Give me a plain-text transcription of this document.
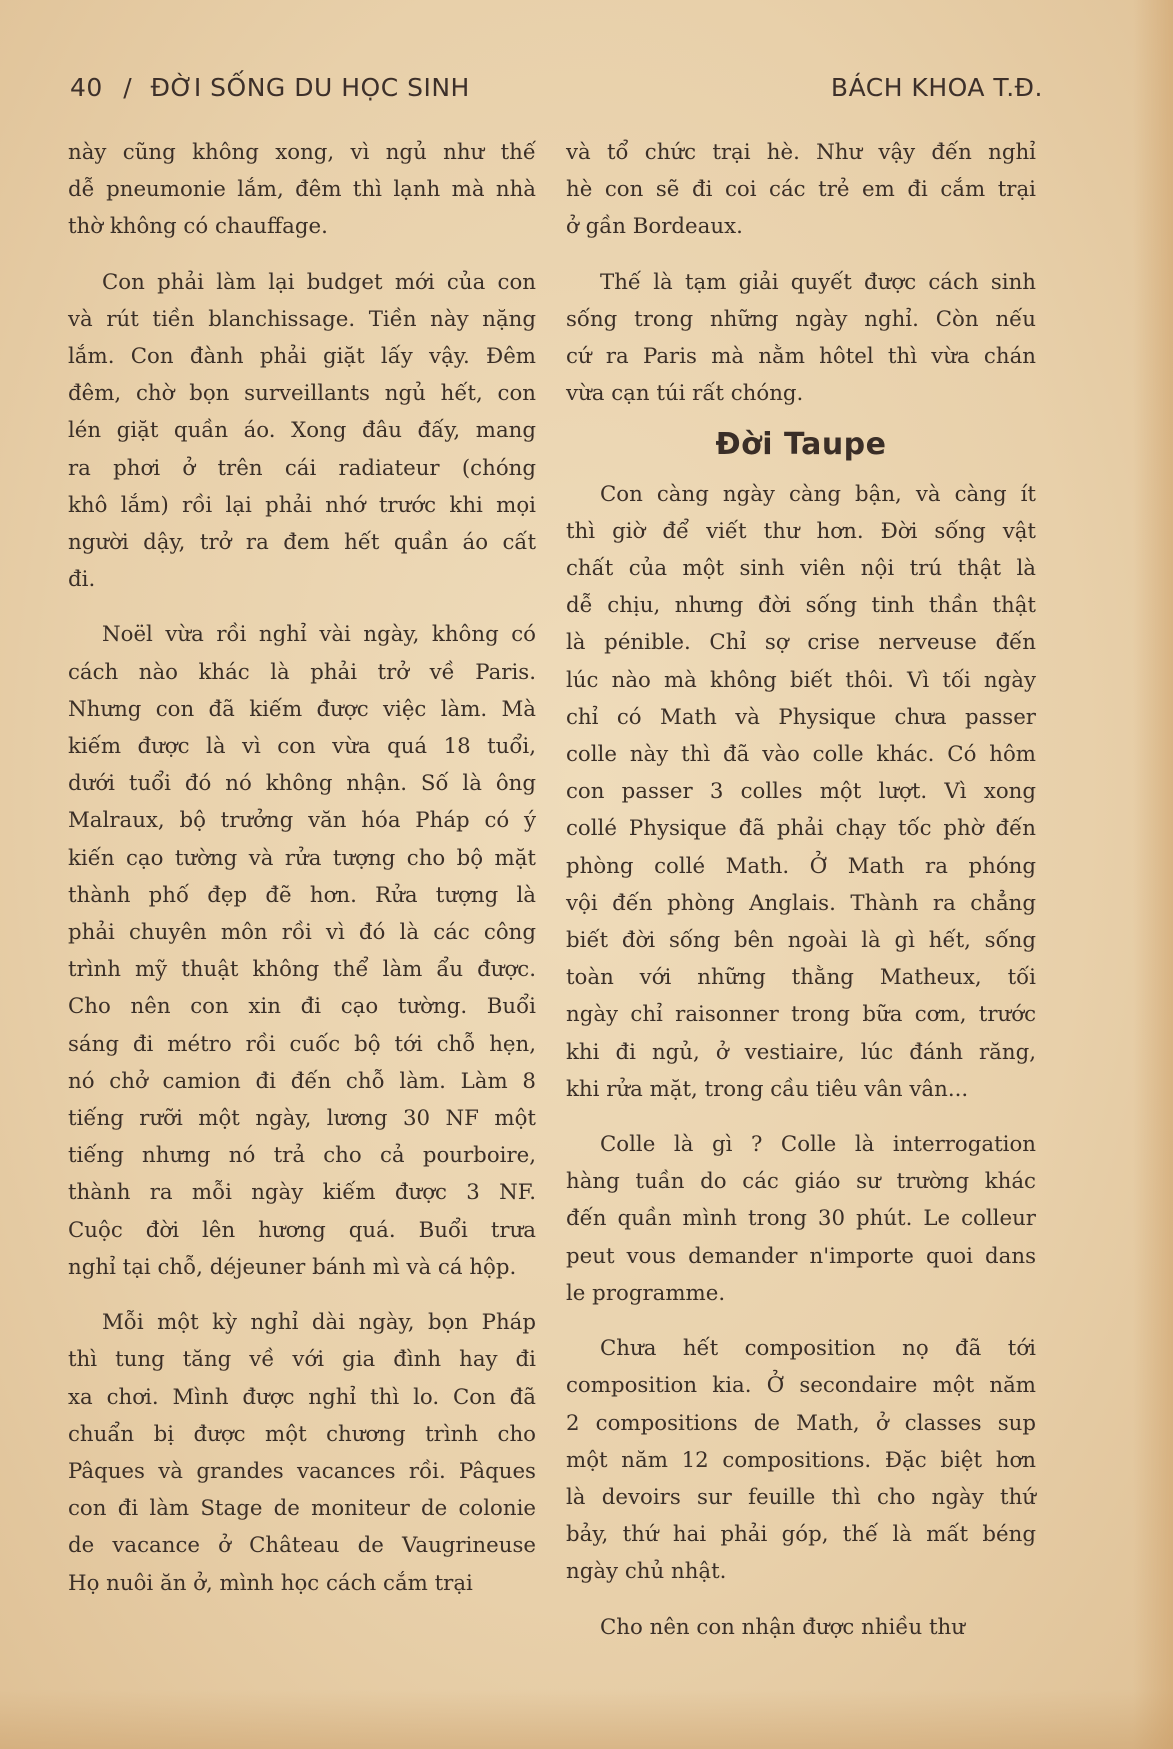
40 / ĐỜI SỐNG DU HỌC SINH	BÁCH KHOA T.Đ.

này cũng không xong, vì ngủ như thế
dễ pneumonie lắm, đêm thì lạnh mà nhà
thờ không có chauffage.

Con phải làm lại budget mới của con
và rút tiền blanchissage. Tiền này nặng
lắm. Con đành phải giặt lấy vậy. Đêm
đêm, chờ bọn surveillants ngủ hết, con
lén giặt quần áo. Xong đâu đấy, mang
ra phơi ở trên cái radiateur (chóng
khô lắm) rồi lại phải nhớ trước khi mọi
người dậy, trở ra đem hết quần áo cất
đi.

Noël vừa rồi nghỉ vài ngày, không có
cách nào khác là phải trở về Paris.
Nhưng con đã kiếm được việc làm. Mà
kiếm được là vì con vừa quá 18 tuổi,
dưới tuổi đó nó không nhận. Số là ông
Malraux, bộ trưởng văn hóa Pháp có ý
kiến cạo tường và rửa tượng cho bộ mặt
thành phố đẹp đẽ hơn. Rửa tượng là
phải chuyên môn rồi vì đó là các công
trình mỹ thuật không thể làm ẩu được.
Cho nên con xin đi cạo tường. Buổi
sáng đi métro rồi cuốc bộ tới chỗ hẹn,
nó chở camion đi đến chỗ làm. Làm 8
tiếng rưỡi một ngày, lương 30 NF một
tiếng nhưng nó trả cho cả pourboire,
thành ra mỗi ngày kiếm được 3 NF.
Cuộc đời lên hương quá. Buổi trưa
nghỉ tại chỗ, déjeuner bánh mì và cá hộp.

Mỗi một kỳ nghỉ dài ngày, bọn Pháp
thì tung tăng về với gia đình hay đi
xa chơi. Mình được nghỉ thì lo. Con đã
chuẩn bị được một chương trình cho
Pâques và grandes vacances rồi. Pâques
con đi làm Stage de moniteur de colonie
de vacance ở Château de Vaugrineuse
Họ nuôi ăn ở, mình học cách cắm trại

và tổ chức trại hè. Như vậy đến nghỉ
hè con sẽ đi coi các trẻ em đi cắm trại
ở gần Bordeaux.

Thế là tạm giải quyết được cách sinh
sống trong những ngày nghỉ. Còn nếu
cứ ra Paris mà nằm hôtel thì vừa chán
vừa cạn túi rất chóng.

Đời Taupe

Con càng ngày càng bận, và càng ít
thì giờ để viết thư hơn. Đời sống vật
chất của một sinh viên nội trú thật là
dễ chịu, nhưng đời sống tinh thần thật
là pénible. Chỉ sợ crise nerveuse đến
lúc nào mà không biết thôi. Vì tối ngày
chỉ có Math và Physique chưa passer
colle này thì đã vào colle khác. Có hôm
con passer 3 colles một lượt. Vì xong
collé Physique đã phải chạy tốc phờ đến
phòng collé Math. Ở Math ra phóng
vội đến phòng Anglais. Thành ra chẳng
biết đời sống bên ngoài là gì hết, sống
toàn với những thằng Matheux, tối
ngày chỉ raisonner trong bữa cơm, trước
khi đi ngủ, ở vestiaire, lúc đánh răng,
khi rửa mặt, trong cầu tiêu vân vân...

Colle là gì ? Colle là interrogation
hàng tuần do các giáo sư trường khác
đến quần mình trong 30 phút. Le colleur
peut vous demander n'importe quoi dans
le programme.

Chưa hết composition nọ đã tới
composition kia. Ở secondaire một năm
2 compositions de Math, ở classes sup
một năm 12 compositions. Đặc biệt hơn
là devoirs sur feuille thì cho ngày thứ
bảy, thứ hai phải góp, thế là mất béng
ngày chủ nhật.

Cho nên con nhận được nhiều thư
